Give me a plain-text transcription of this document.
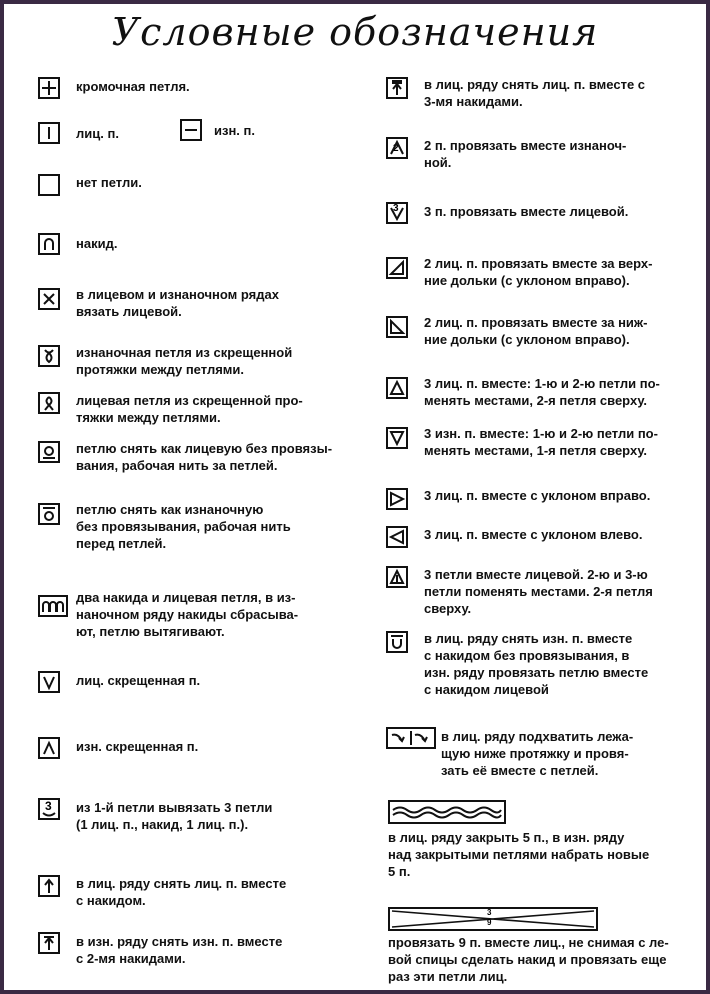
Условные обозначения
кромочная петля.
лиц. п.	изн. п.
нет петли.
накид.
в лицевом и изнаночном рядах
вязать лицевой.
изнаночная петля из скрещенной
протяжки между петлями.
лицевая петля из скрещенной про-
тяжки между петлями.
петлю снять как лицевую без провязы-
вания, рабочая нить за петлей.
петлю снять как изнаночную
без провязывания, рабочая нить
перед петлей.
два накида и лицевая петля, в из-
наночном ряду накиды сбрасыва-
ют, петлю вытягивают.
лиц. скрещенная п.
изн. скрещенная п.
3 из 1-й петли вывязать 3 петли
(1 лиц. п., накид, 1 лиц. п.).
в лиц. ряду снять лиц. п. вместе
с накидом.
в изн. ряду снять изн. п. вместе
с 2-мя накидами.
в лиц. ряду снять лиц. п. вместе с
3-мя накидами.
2 2 п. провязать вместе изнаноч-
ной.
3 3 п. провязать вместе лицевой.
2 лиц. п. провязать вместе за верх-
ние дольки (с уклоном вправо).
2 лиц. п. провязать вместе за ниж-
ние дольки (с уклоном вправо).
3 лиц. п. вместе: 1-ю и 2-ю петли по-
менять местами, 2-я петля сверху.
3 изн. п. вместе: 1-ю и 2-ю петли по-
менять местами, 1-я петля сверху.
3 лиц. п. вместе с уклоном вправо.
3 лиц. п. вместе с уклоном влево.
3 петли вместе лицевой. 2-ю и 3-ю
петли поменять местами. 2-я петля
сверху.
в лиц. ряду снять изн. п. вместе
с накидом без провязывания, в
изн. ряду провязать петлю вместе
с накидом лицевой
в лиц. ряду подхватить лежа-
щую ниже протяжку и провя-
зать её вместе с петлей.
в лиц. ряду закрыть 5 п., в изн. ряду
над закрытыми петлями набрать новые
5 п.
3
9
провязать 9 п. вместе лиц., не снимая с ле-
вой спицы сделать накид и провязать еще
раз эти петли лиц.
